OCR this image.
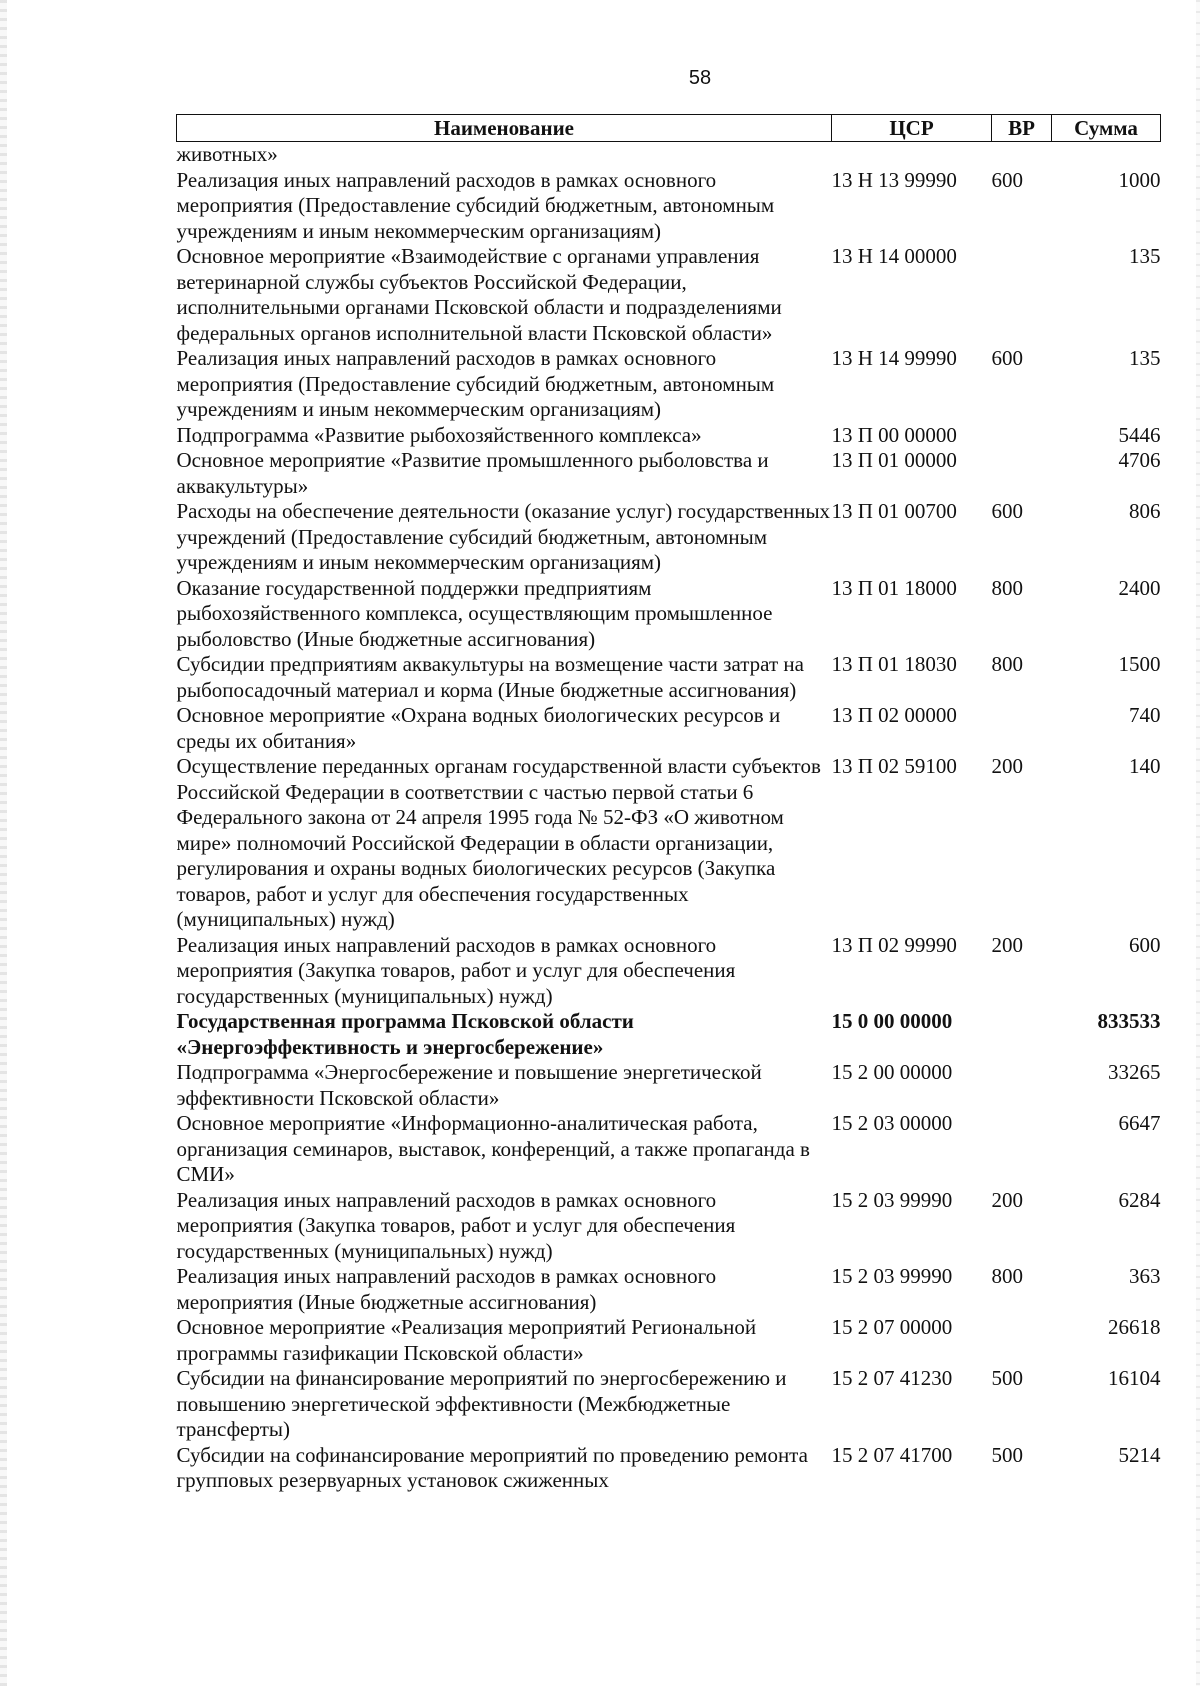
58
Наименование	ЦСР	ВР	Сумма
животных»			
Реализация иных направлений расходов в рамках основного мероприятия (Предоставление субсидий бюджетным, автономным учреждениям и иным некоммерческим организациям)	13 Н 13 99990	600	1000
Основное мероприятие «Взаимодействие с органами управления ветеринарной службы субъектов Российской Федерации, исполнительными органами Псковской области и подразделениями федеральных органов исполнительной власти Псковской области»	13 Н 14 00000		135
Реализация иных направлений расходов в рамках основного мероприятия (Предоставление субсидий бюджетным, автономным учреждениям и иным некоммерческим организациям)	13 Н 14 99990	600	135
Подпрограмма «Развитие рыбохозяйственного комплекса»	13 П 00 00000		5446
Основное мероприятие «Развитие промышленного рыболовства и аквакультуры»	13 П 01 00000		4706
Расходы на обеспечение деятельности (оказание услуг) государственных учреждений (Предоставление субсидий бюджетным, автономным учреждениям и иным некоммерческим организациям)	13 П 01 00700	600	806
Оказание государственной поддержки предприятиям рыбохозяйственного комплекса, осуществляющим промышленное рыболовство (Иные бюджетные ассигнования)	13 П 01 18000	800	2400
Субсидии предприятиям аквакультуры на возмещение части затрат на рыбопосадочный материал и корма (Иные бюджетные ассигнования)	13 П 01 18030	800	1500
Основное мероприятие «Охрана водных биологических ресурсов и среды их обитания»	13 П 02 00000		740
Осуществление переданных органам государственной власти субъектов Российской Федерации в соответствии с частью первой статьи 6 Федерального закона от 24 апреля 1995 года № 52-ФЗ «О животном мире» полномочий Российской Федерации в области организации, регулирования и охраны водных биологических ресурсов (Закупка товаров, работ и услуг для обеспечения государственных (муниципальных) нужд)	13 П 02 59100	200	140
Реализация иных направлений расходов в рамках основного мероприятия (Закупка товаров, работ и услуг для обеспечения государственных (муниципальных) нужд)	13 П 02 99990	200	600
Государственная программа Псковской области «Энергоэффективность и энергосбережение»	15 0 00 00000		833533
Подпрограмма «Энергосбережение и повышение энергетической эффективности Псковской области»	15 2 00 00000		33265
Основное мероприятие «Информационно-аналитическая работа, организация семинаров, выставок, конференций, а также пропаганда в СМИ»	15 2 03 00000		6647
Реализация иных направлений расходов в рамках основного мероприятия (Закупка товаров, работ и услуг для обеспечения государственных (муниципальных) нужд)	15 2 03 99990	200	6284
Реализация иных направлений расходов в рамках основного мероприятия (Иные бюджетные ассигнования)	15 2 03 99990	800	363
Основное мероприятие «Реализация мероприятий Региональной программы газификации Псковской области»	15 2 07 00000		26618
Субсидии на финансирование мероприятий по энергосбережению и повышению энергетической эффективности (Межбюджетные трансферты)	15 2 07 41230	500	16104
Субсидии на софинансирование мероприятий по проведению ремонта групповых резервуарных установок сжиженных	15 2 07 41700	500	5214
